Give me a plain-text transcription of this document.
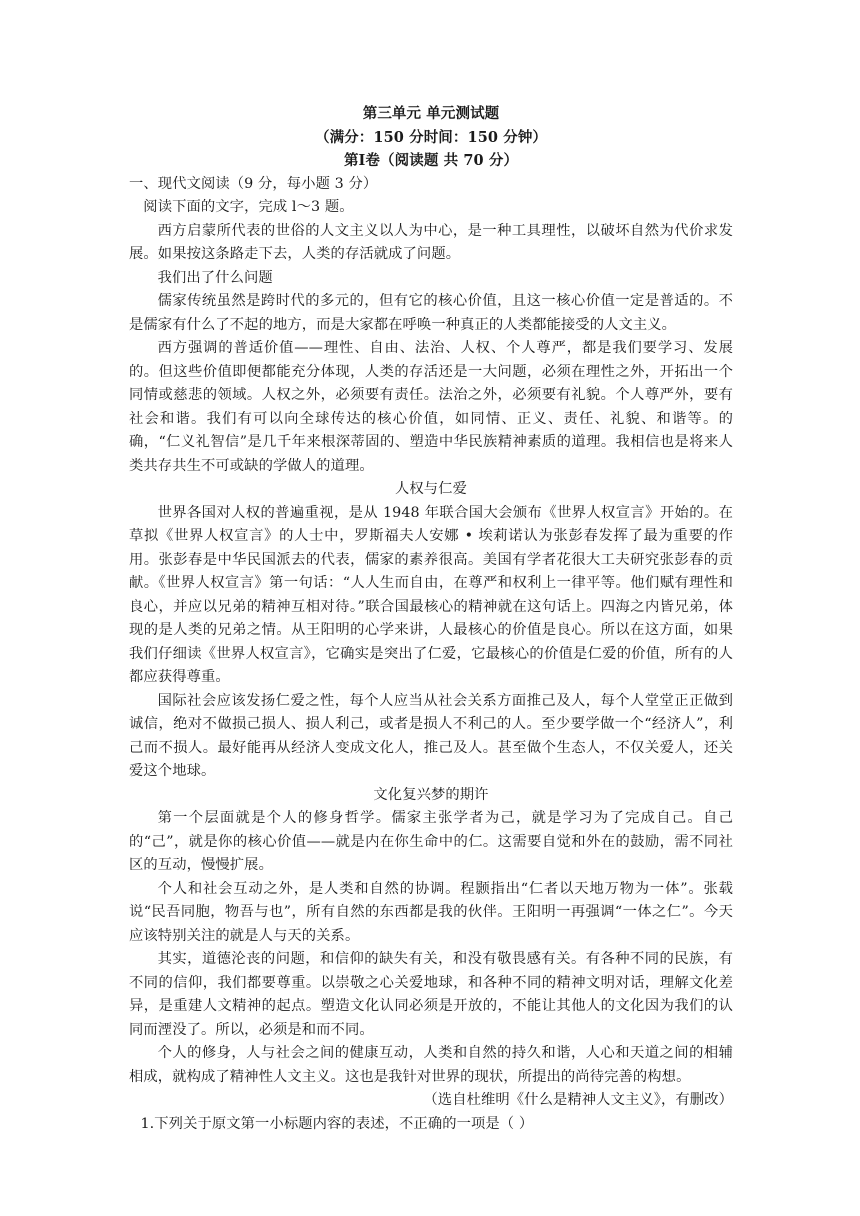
第三单元 单元测试题
（满分：150 分时间：150 分钟）
第Ⅰ卷（阅读题 共 70 分）

一、现代文阅读（9 分，每小题 3 分）

阅读下面的文字，完成 l～3 题。

西方启蒙所代表的世俗的人文主义以人为中心，是一种工具理性，以破坏自然为代价求发展。如果按这条路走下去，人类的存活就成了问题。

我们出了什么问题

儒家传统虽然是跨时代的多元的，但有它的核心价值，且这一核心价值一定是普适的。不是儒家有什么了不起的地方，而是大家都在呼唤一种真正的人类都能接受的人文主义。

西方强调的普适价值——理性、自由、法治、人权、个人尊严，都是我们要学习、发展的。但这些价值即便都能充分体现，人类的存活还是一大问题，必须在理性之外，开拓出一个同情或慈悲的领域。人权之外，必须要有责任。法治之外，必须要有礼貌。个人尊严外，要有社会和谐。我们有可以向全球传达的核心价值，如同情、正义、责任、礼貌、和谐等。的确，“仁义礼智信”是几千年来根深蒂固的、塑造中华民族精神素质的道理。我相信也是将来人类共存共生不可或缺的学做人的道理。

人权与仁爱

世界各国对人权的普遍重视，是从 1948 年联合国大会颁布《世界人权宣言》开始的。在草拟《世界人权宣言》的人士中，罗斯福夫人安娜 • 埃莉诺认为张彭春发挥了最为重要的作用。张彭春是中华民国派去的代表，儒家的素养很高。美国有学者花很大工夫研究张彭春的贡献。《世界人权宣言》第一句话：“人人生而自由，在尊严和权利上一律平等。他们赋有理性和良心，并应以兄弟的精神互相对待。”联合国最核心的精神就在这句话上。四海之内皆兄弟，体现的是人类的兄弟之情。从王阳明的心学来讲，人最核心的价值是良心。所以在这方面，如果我们仔细读《世界人权宣言》，它确实是突出了仁爱，它最核心的价值是仁爱的价值，所有的人都应获得尊重。

国际社会应该发扬仁爱之性，每个人应当从社会关系方面推己及人，每个人堂堂正正做到诚信，绝对不做损己损人、损人利己，或者是损人不利己的人。至少要学做一个“经济人”，利己而不损人。最好能再从经济人变成文化人，推己及人。甚至做个生态人，不仅关爱人，还关爱这个地球。

文化复兴梦的期许

第一个层面就是个人的修身哲学。儒家主张学者为己，就是学习为了完成自己。自己的“己”，就是你的核心价值——就是内在你生命中的仁。这需要自觉和外在的鼓励，需不同社区的互动，慢慢扩展。

个人和社会互动之外，是人类和自然的协调。程颢指出“仁者以天地万物为一体”。张载说“民吾同胞，物吾与也”，所有自然的东西都是我的伙伴。王阳明一再强调“一体之仁”。今天应该特别关注的就是人与天的关系。

其实，道德沦丧的问题，和信仰的缺失有关，和没有敬畏感有关。有各种不同的民族，有不同的信仰，我们都要尊重。以崇敬之心关爱地球，和各种不同的精神文明对话，理解文化差异，是重建人文精神的起点。塑造文化认同必须是开放的，不能让其他人的文化因为我们的认同而湮没了。所以，必须是和而不同。

个人的修身，人与社会之间的健康互动，人类和自然的持久和谐，人心和天道之间的相辅相成，就构成了精神性人文主义。这也是我针对世界的现状，所提出的尚待完善的构想。

（选自杜维明《什么是精神人文主义》，有删改）

1.下列关于原文第一小标题内容的表述，不正确的一项是（ ）
